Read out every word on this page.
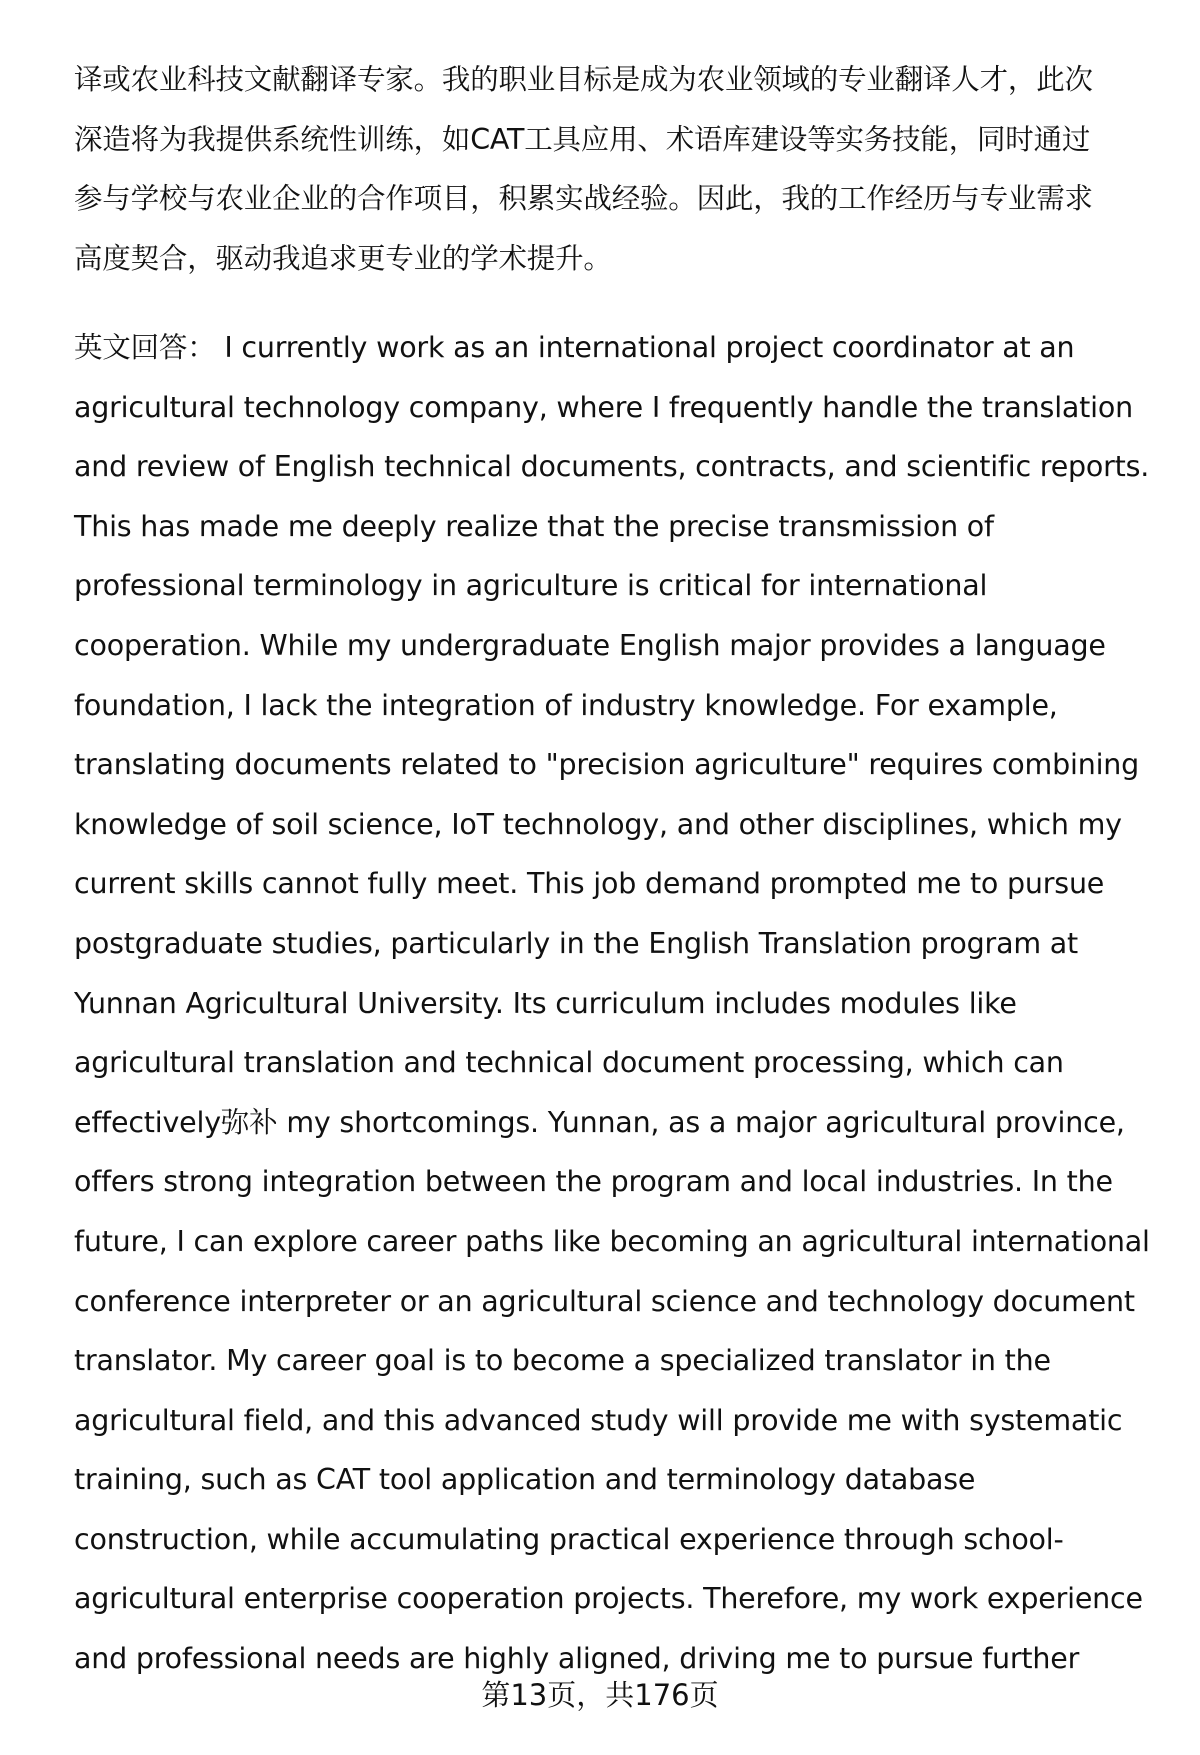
译或农业科技文献翻译专家。我的职业目标是成为农业领域的专业翻译人才，此次
深造将为我提供系统性训练，如CAT工具应用、术语库建设等实务技能，同时通过
参与学校与农业企业的合作项目，积累实战经验。因此，我的工作经历与专业需求
高度契合，驱动我追求更专业的学术提升。
英文回答： I currently work as an international project coordinator at an
agricultural technology company, where I frequently handle the translation
and review of English technical documents, contracts, and scientific reports.
This has made me deeply realize that the precise transmission of
professional terminology in agriculture is critical for international
cooperation. While my undergraduate English major provides a language
foundation, I lack the integration of industry knowledge. For example,
translating documents related to "precision agriculture" requires combining
knowledge of soil science, IoT technology, and other disciplines, which my
current skills cannot fully meet. This job demand prompted me to pursue
postgraduate studies, particularly in the English Translation program at
Yunnan Agricultural University. Its curriculum includes modules like
agricultural translation and technical document processing, which can
effectively弥补 my shortcomings. Yunnan, as a major agricultural province,
offers strong integration between the program and local industries. In the
future, I can explore career paths like becoming an agricultural international
conference interpreter or an agricultural science and technology document
translator. My career goal is to become a specialized translator in the
agricultural field, and this advanced study will provide me with systematic
training, such as CAT tool application and terminology database
construction, while accumulating practical experience through school-
agricultural enterprise cooperation projects. Therefore, my work experience
and professional needs are highly aligned, driving me to pursue further
第13页，共176页
